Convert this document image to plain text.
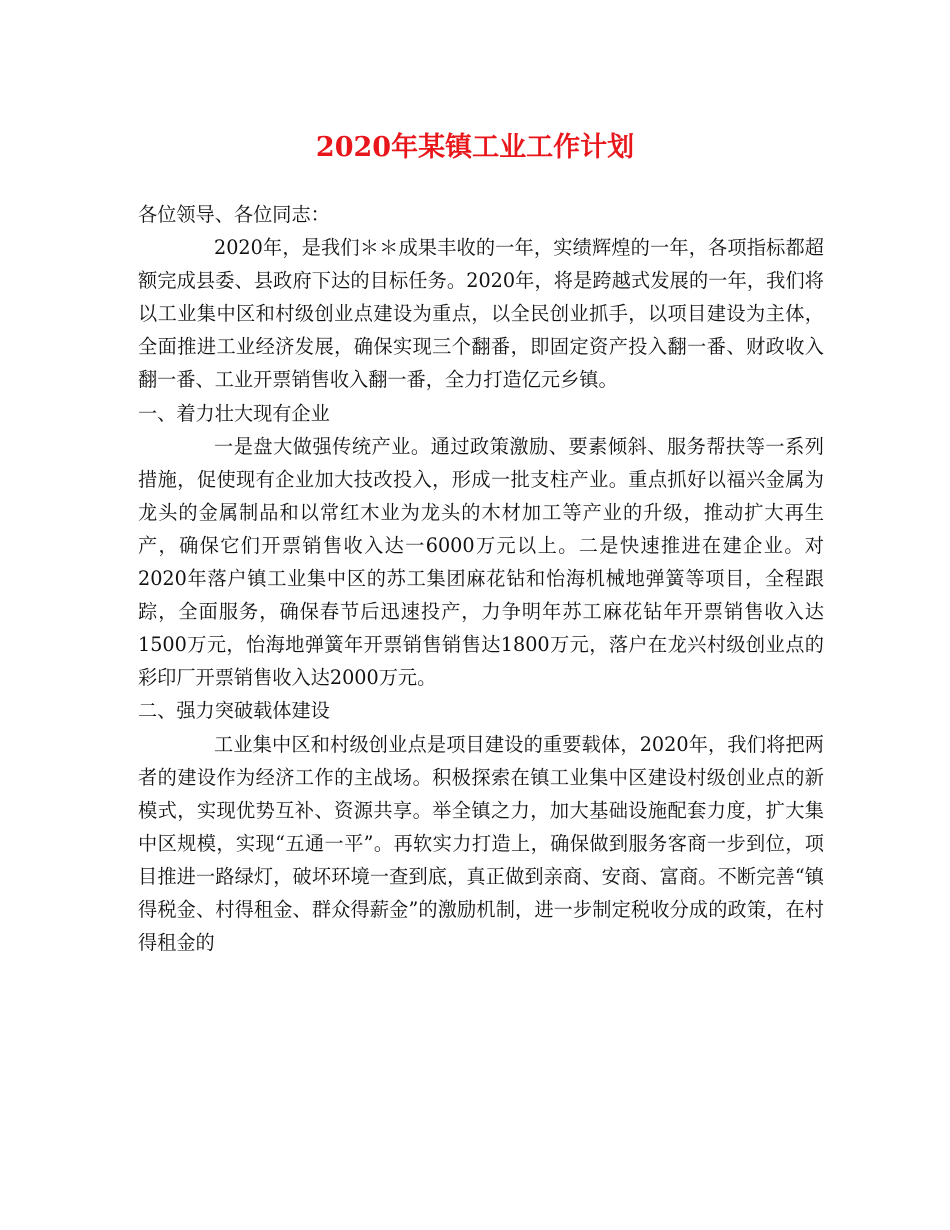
2020年某镇工业工作计划

各位领导、各位同志：

2020年，是我们＊＊成果丰收的一年，实绩辉煌的一年，各项指标都超额完成县委、县政府下达的目标任务。2020年，将是跨越式发展的一年，我们将以工业集中区和村级创业点建设为重点，以全民创业抓手，以项目建设为主体，全面推进工业经济发展，确保实现三个翻番，即固定资产投入翻一番、财政收入翻一番、工业开票销售收入翻一番，全力打造亿元乡镇。

一、着力壮大现有企业

一是盘大做强传统产业。通过政策激励、要素倾斜、服务帮扶等一系列措施，促使现有企业加大技改投入，形成一批支柱产业。重点抓好以福兴金属为龙头的金属制品和以常红木业为龙头的木材加工等产业的升级，推动扩大再生产，确保它们开票销售收入达一6000万元以上。二是快速推进在建企业。对2020年落户镇工业集中区的苏工集团麻花钻和怡海机械地弹簧等项目，全程跟踪，全面服务，确保春节后迅速投产，力争明年苏工麻花钻年开票销售收入达1500万元，怡海地弹簧年开票销售销售达1800万元，落户在龙兴村级创业点的彩印厂开票销售收入达2000万元。

二、强力突破载体建设

工业集中区和村级创业点是项目建设的重要载体，2020年，我们将把两者的建设作为经济工作的主战场。积极探索在镇工业集中区建设村级创业点的新模式，实现优势互补、资源共享。举全镇之力，加大基础设施配套力度，扩大集中区规模，实现“五通一平”。再软实力打造上，确保做到服务客商一步到位，项目推进一路绿灯，破坏环境一查到底，真正做到亲商、安商、富商。不断完善“镇得税金、村得租金、群众得薪金”的激励机制，进一步制定税收分成的政策，在村得租金的
